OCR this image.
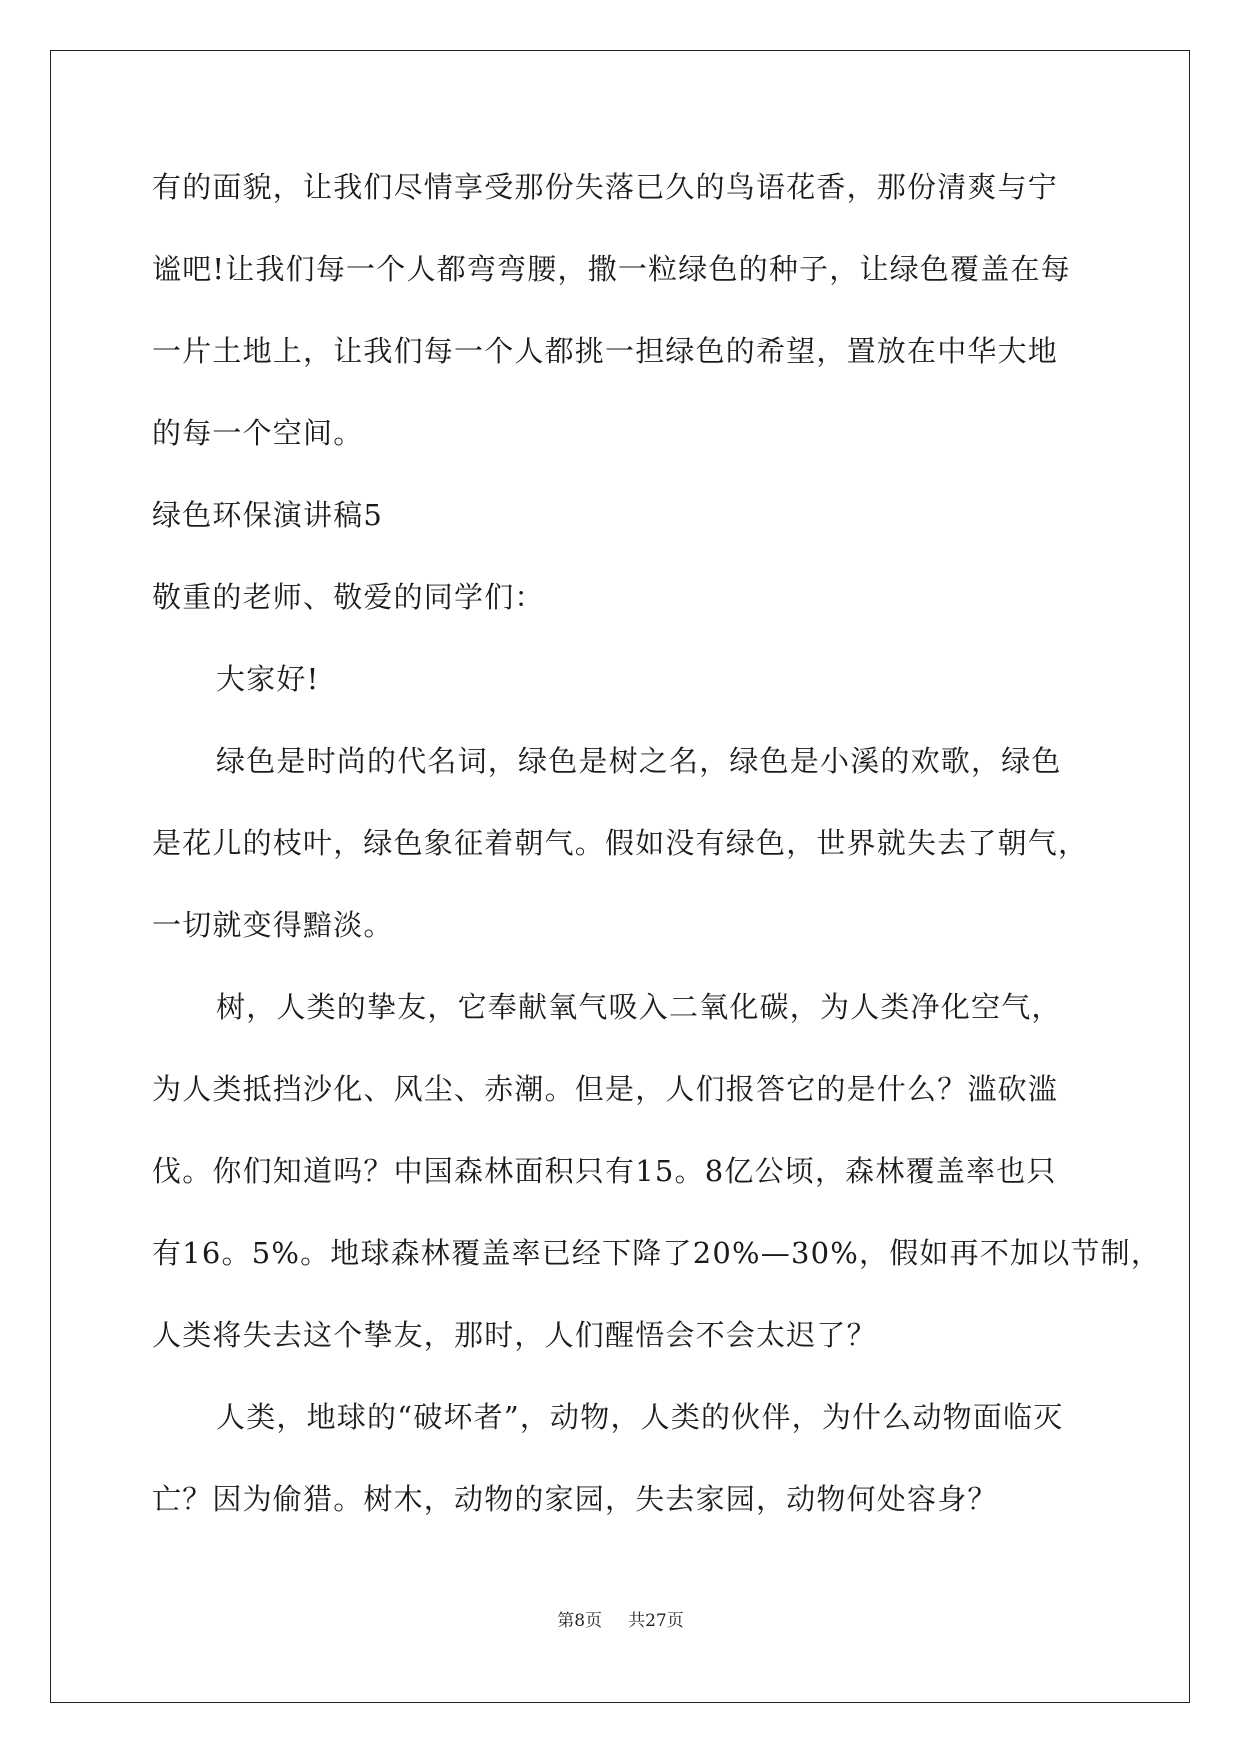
有的面貌，让我们尽情享受那份失落已久的鸟语花香，那份清爽与宁
谧吧!让我们每一个人都弯弯腰，撒一粒绿色的种子，让绿色覆盖在每
一片土地上，让我们每一个人都挑一担绿色的希望，置放在中华大地
的每一个空间。
绿色环保演讲稿5
敬重的老师、敬爱的同学们：
大家好!
绿色是时尚的代名词，绿色是树之名，绿色是小溪的欢歌，绿色
是花儿的枝叶，绿色象征着朝气。假如没有绿色，世界就失去了朝气，
一切就变得黯淡。
树，人类的挚友，它奉献氧气吸入二氧化碳，为人类净化空气，
为人类抵挡沙化、风尘、赤潮。但是，人们报答它的是什么？滥砍滥
伐。你们知道吗？中国森林面积只有15。8亿公顷，森林覆盖率也只
有16。5%。地球森林覆盖率已经下降了20%—30%，假如再不加以节制，
人类将失去这个挚友，那时，人们醒悟会不会太迟了？
人类，地球的“破坏者”，动物，人类的伙伴，为什么动物面临灭
亡？因为偷猎。树木，动物的家园，失去家园，动物何处容身？
第8页 共27页
